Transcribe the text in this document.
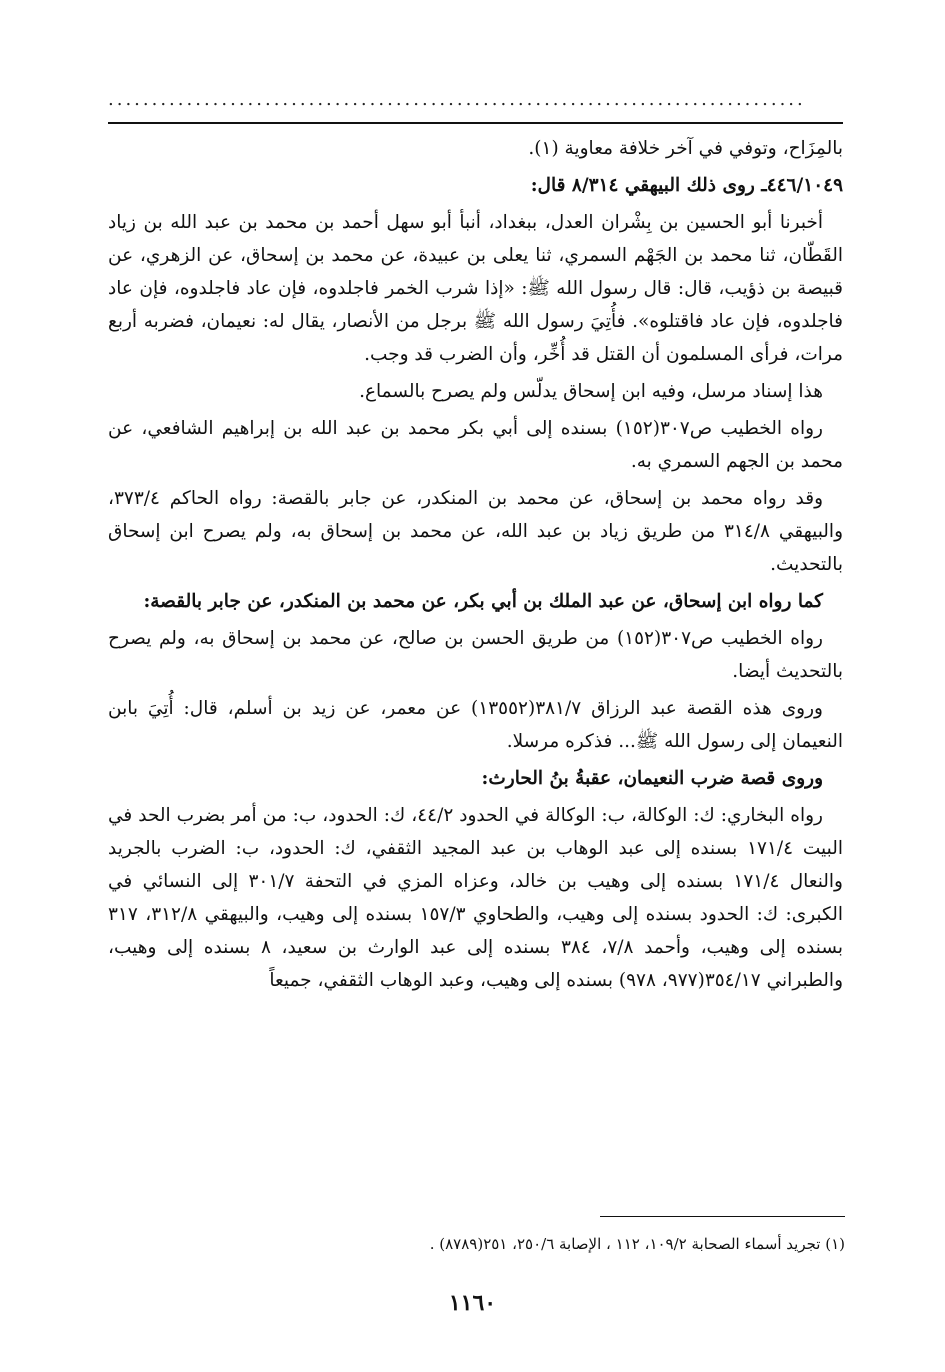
................................................................................

بالمِزَاح، وتوفي في آخر خلافة معاوية (١).

٤٤٦/١٠٤٩ـ روى ذلك البيهقي ٨/٣١٤ قال:

أخبرنا أبو الحسين بن بِشْران العدل، ببغداد، أنبأ أبو سهل أحمد بن محمد بن عبد الله بن زياد القَطّان، ثنا محمد بن الجَهْم السمري، ثنا يعلى بن عبيدة، عن محمد بن إسحاق، عن الزهري، عن قبيصة بن ذؤيب، قال: قال رسول الله ﷺ: «إذا شرب الخمر فاجلدوه، فإن عاد فاجلدوه، فإن عاد فاجلدوه، فإن عاد فاقتلوه». فأُتِيَ رسول الله ﷺ برجل من الأنصار، يقال له: نعيمان، فضربه أربع مرات، فرأى المسلمون أن القتل قد أُخِّر، وأن الضرب قد وجب.

هذا إسناد مرسل، وفيه ابن إسحاق يدلّس ولم يصرح بالسماع.

رواه الخطيب ص٣٠٧(١٥٢) بسنده إلى أبي بكر محمد بن عبد الله بن إبراهيم الشافعي، عن محمد بن الجهم السمري به.

وقد رواه محمد بن إسحاق، عن محمد بن المنكدر، عن جابر بالقصة: رواه الحاكم ٣٧٣/٤، والبيهقي ٣١٤/٨ من طريق زياد بن عبد الله، عن محمد بن إسحاق به، ولم يصرح ابن إسحاق بالتحديث.

كما رواه ابن إسحاق، عن عبد الملك بن أبي بكر، عن محمد بن المنكدر، عن جابر بالقصة:

رواه الخطيب ص٣٠٧(١٥٢) من طريق الحسن بن صالح، عن محمد بن إسحاق به، ولم يصرح بالتحديث أيضا.

وروى هذه القصة عبد الرزاق ٣٨١/٧(١٣٥٥٢) عن معمر، عن زيد بن أسلم، قال: أُتِيَ بابن النعيمان إلى رسول الله ﷺ... فذكره مرسلا.

وروى قصة ضرب النعيمان، عقبةُ بنُ الحارث:

رواه البخاري: ك: الوكالة، ب: الوكالة في الحدود ٤٤/٢، ك: الحدود، ب: من أمر بضرب الحد في البيت ١٧١/٤ بسنده إلى عبد الوهاب بن عبد المجيد الثقفي، ك: الحدود، ب: الضرب بالجريد والنعال ١٧١/٤ بسنده إلى وهيب بن خالد، وعزاه المزي في التحفة ٣٠١/٧ إلى النسائي في الكبرى: ك: الحدود بسنده إلى وهيب، والطحاوي ١٥٧/٣ بسنده إلى وهيب، والبيهقي ٣١٢/٨، ٣١٧ بسنده إلى وهيب، وأحمد ٧/٨، ٣٨٤ بسنده إلى عبد الوارث بن سعيد، ٨ بسنده إلى وهيب، والطبراني ٣٥٤/١٧(٩٧٧، ٩٧٨) بسنده إلى وهيب، وعبد الوهاب الثقفي، جميعاً

(١) تجريد أسماء الصحابة ١٠٩/٢، ١١٢ ، الإصابة ٢٥٠/٦، ٢٥١(٨٧٨٩) .
١١٦٠
